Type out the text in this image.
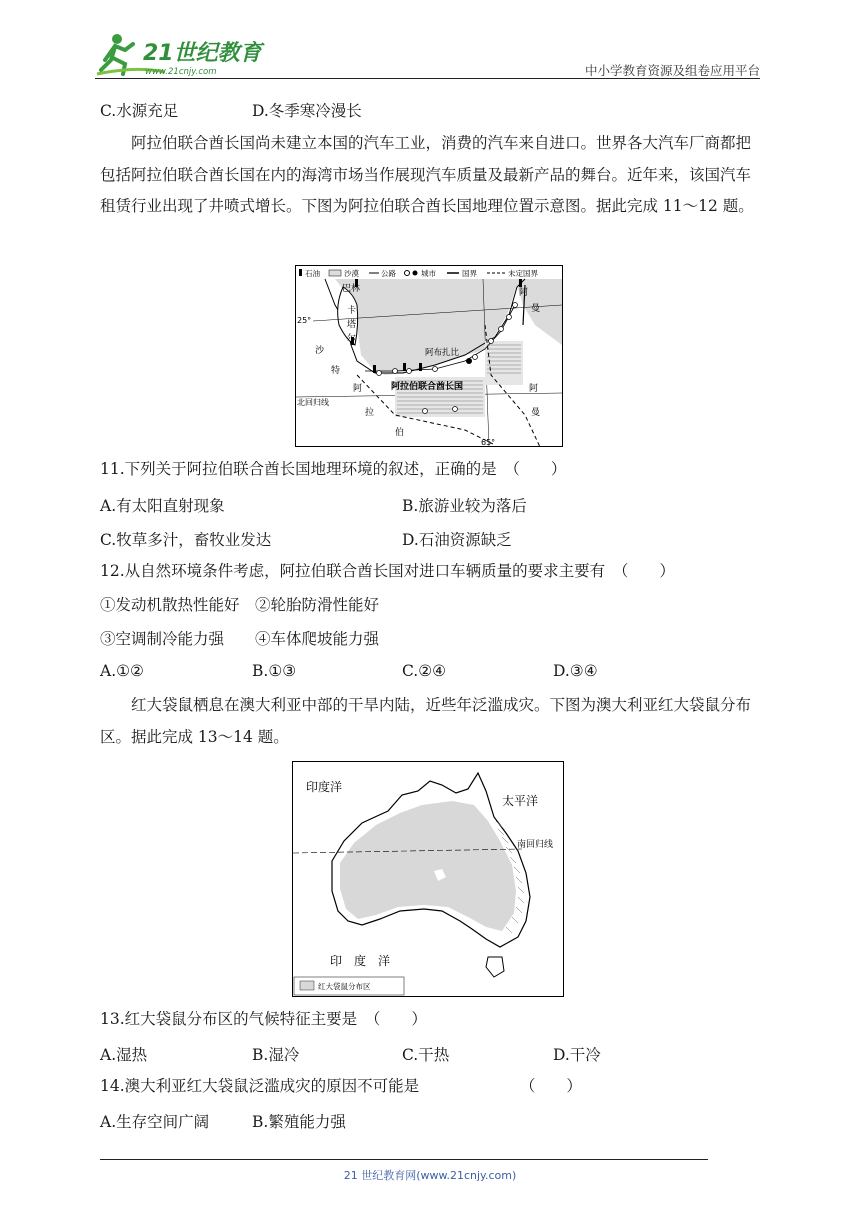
21世纪教育
www.21cnjy.com	中小学教育资源及组卷应用平台
C.水源充足	D.冬季寒冷漫长
阿拉伯联合酋长国尚未建立本国的汽车工业，消费的汽车来自进口。世界各大汽车厂商都把包括阿拉伯联合酋长国在内的海湾市场当作展现汽车质量及最新产品的舞台。近年来，该国汽车租赁行业出现了井喷式增长。下图为阿拉伯联合酋长国地理位置示意图。据此完成 11～12 题。
石油	沙漠	公路	城市	国界	未定国界
巴林
卡
塔
尔
沙
特
阿
拉
伯
阿
曼
阿
曼
阿布扎比
阿拉伯联合酋长国
北回归线
25°
65°
11.下列关于阿拉伯联合酋长国地理环境的叙述，正确的是　（　　）
A.有太阳直射现象	B.旅游业较为落后
C.牧草多汁，畜牧业发达	D.石油资源缺乏
12.从自然环境条件考虑，阿拉伯联合酋长国对进口车辆质量的要求主要有　（　　）
①发动机散热性能好　②轮胎防滑性能好
③空调制冷能力强　　④车体爬坡能力强
A.①②	B.①③	C.②④	D.③④
红大袋鼠栖息在澳大利亚中部的干旱内陆，近些年泛滥成灾。下图为澳大利亚红大袋鼠分布区。据此完成 13～14 题。
印度洋
太平洋
南回归线
印　度　洋
红大袋鼠分布区
13.红大袋鼠分布区的气候特征主要是　（　　）
A.湿热	B.湿冷	C.干热	D.干冷
14.澳大利亚红大袋鼠泛滥成灾的原因不可能是　　　　　　　（　　）
A.生存空间广阔	B.繁殖能力强
21 世纪教育网(www.21cnjy.com)
